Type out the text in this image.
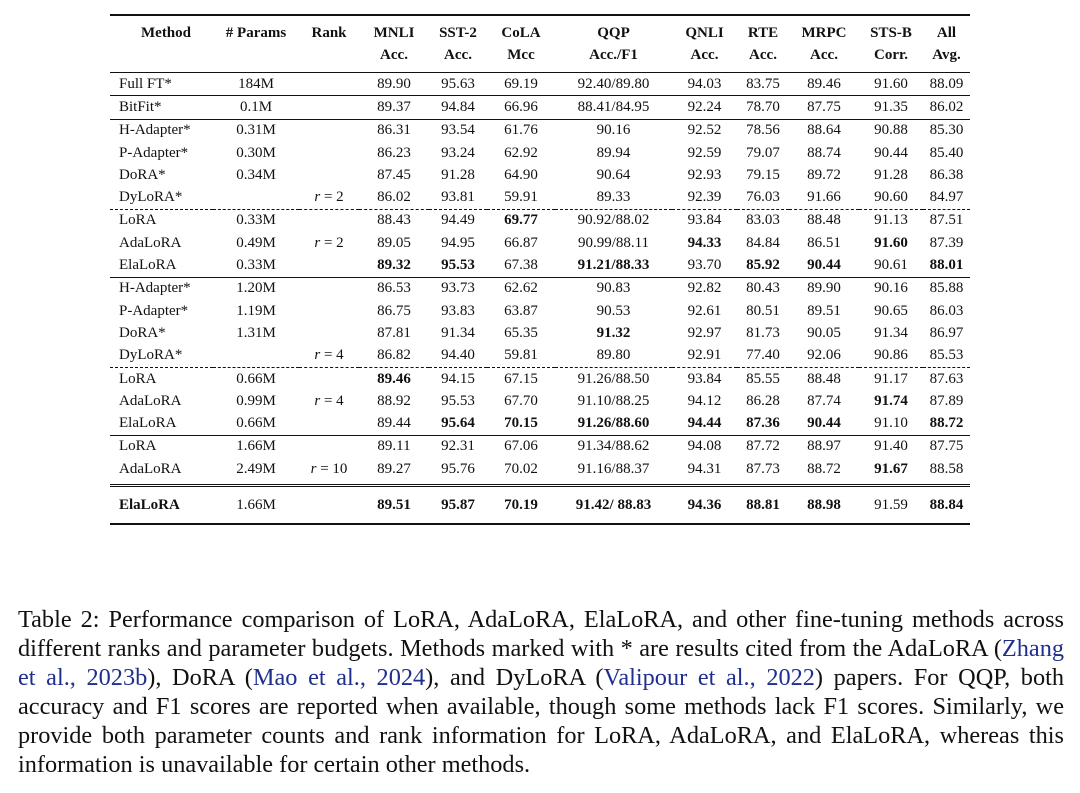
Method	# Params	Rank	MNLI	SST-2	CoLA	QQP	QNLI	RTE	MRPC	STS-B	All
			Acc.	Acc.	Mcc	Acc./F1	Acc.	Acc.	Acc.	Corr.	Avg.
Full FT*	184M		89.90	95.63	69.19	92.40/89.80	94.03	83.75	89.46	91.60	88.09
BitFit*	0.1M		89.37	94.84	66.96	88.41/84.95	92.24	78.70	87.75	91.35	86.02
H-Adapter*	0.31M		86.31	93.54	61.76	90.16	92.52	78.56	88.64	90.88	85.30
P-Adapter*	0.30M		86.23	93.24	62.92	89.94	92.59	79.07	88.74	90.44	85.40
DoRA*	0.34M		87.45	91.28	64.90	90.64	92.93	79.15	89.72	91.28	86.38
DyLoRA*		r = 2	86.02	93.81	59.91	89.33	92.39	76.03	91.66	90.60	84.97
LoRA	0.33M		88.43	94.49	69.77	90.92/88.02	93.84	83.03	88.48	91.13	87.51
AdaLoRA	0.49M	r = 2	89.05	94.95	66.87	90.99/88.11	94.33	84.84	86.51	91.60	87.39
ElaLoRA	0.33M		89.32	95.53	67.38	91.21/88.33	93.70	85.92	90.44	90.61	88.01
H-Adapter*	1.20M		86.53	93.73	62.62	90.83	92.82	80.43	89.90	90.16	85.88
P-Adapter*	1.19M		86.75	93.83	63.87	90.53	92.61	80.51	89.51	90.65	86.03
DoRA*	1.31M		87.81	91.34	65.35	91.32	92.97	81.73	90.05	91.34	86.97
DyLoRA*		r = 4	86.82	94.40	59.81	89.80	92.91	77.40	92.06	90.86	85.53
LoRA	0.66M		89.46	94.15	67.15	91.26/88.50	93.84	85.55	88.48	91.17	87.63
AdaLoRA	0.99M	r = 4	88.92	95.53	67.70	91.10/88.25	94.12	86.28	87.74	91.74	87.89
ElaLoRA	0.66M		89.44	95.64	70.15	91.26/88.60	94.44	87.36	90.44	91.10	88.72
LoRA	1.66M		89.11	92.31	67.06	91.34/88.62	94.08	87.72	88.97	91.40	87.75
AdaLoRA	2.49M	r = 10	89.27	95.76	70.02	91.16/88.37	94.31	87.73	88.72	91.67	88.58

ElaLoRA	1.66M		89.51	95.87	70.19	91.42/ 88.83	94.36	88.81	88.98	91.59	88.84

Table 2: Performance comparison of LoRA, AdaLoRA, ElaLoRA, and other fine-tuning methods across different ranks and parameter budgets. Methods marked with * are results cited from the AdaLoRA (Zhang et al., 2023b), DoRA (Mao et al., 2024), and DyLoRA (Valipour et al., 2022) papers. For QQP, both accuracy and F1 scores are reported when available, though some methods lack F1 scores. Similarly, we provide both parameter counts and rank information for LoRA, AdaLoRA, and ElaLoRA, whereas this information is unavailable for certain other methods.
